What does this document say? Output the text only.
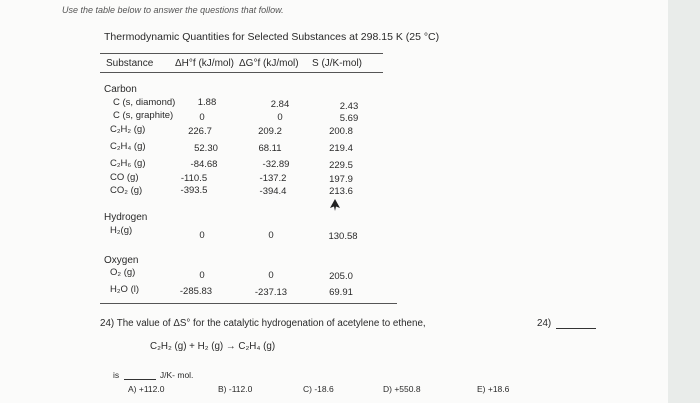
Use the table below to answer the questions that follow.
Thermodynamic Quantities for Selected Substances at 298.15 K (25 °C)
Substance ΔH°f (kJ/mol) ΔG°f (kJ/mol) S (J/K-mol)
Carbon
C (s, diamond)	1.88	2.84	2.43
C (s, graphite)	0	0	5.69
C₂H₂ (g)	226.7	209.2	200.8
C₂H₄ (g)	52.30	68.11	219.4
C₂H₆ (g)	-84.68	-32.89	229.5
CO (g)	-110.5	-137.2	197.9
CO₂ (g)	-393.5	-394.4	213.6
Hydrogen
H₂(g)	0	0	130.58
Oxygen
O₂ (g)	0	0	205.0
H₂O (l)	-285.83	-237.13	69.91
24) The value of ΔS° for the catalytic hydrogenation of acetylene to ethene,	24)
C₂H₂ (g) + H₂ (g) → C₂H₄ (g)
is	J/K- mol.
A) +112.0	B) -112.0	C) -18.6	D) +550.8	E) +18.6
